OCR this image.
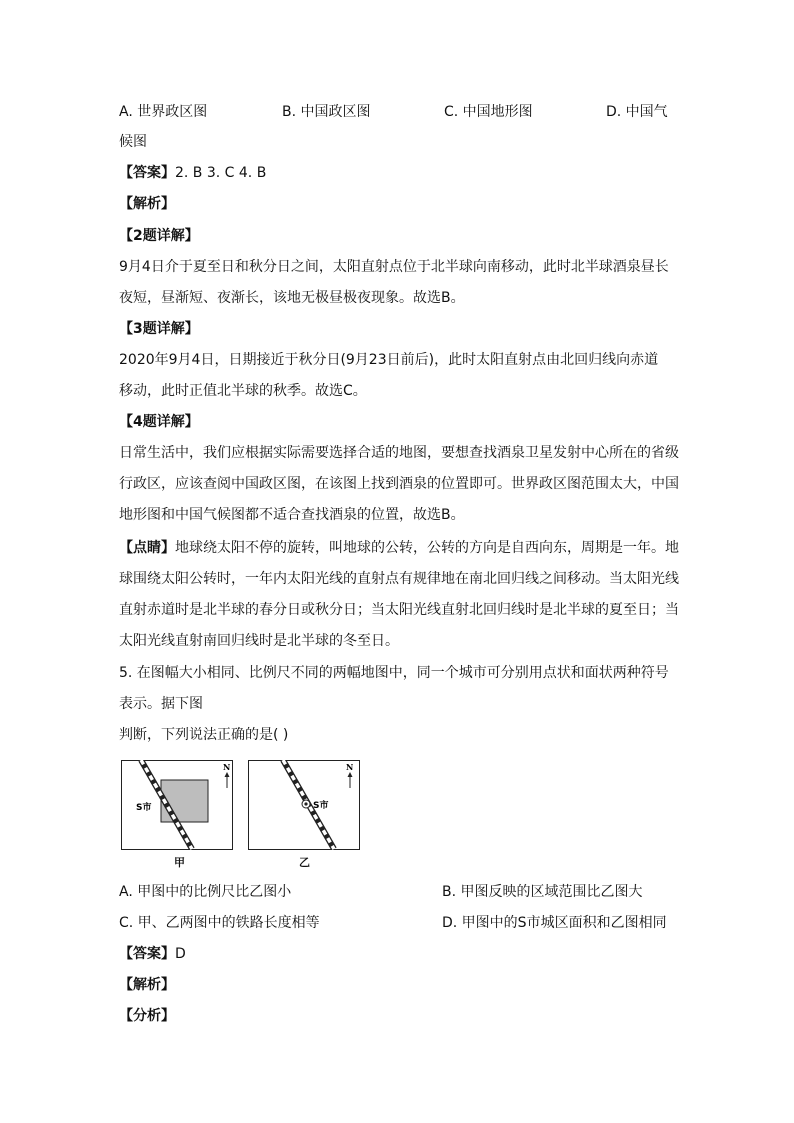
A. 世界政区图	B. 中国政区图	C. 中国地形图	D. 中国气
候图
【答案】2. B 3. C 4. B
【解析】
【2题详解】
9月4日介于夏至日和秋分日之间，太阳直射点位于北半球向南移动，此时北半球酒泉昼长
夜短，昼渐短、夜渐长，该地无极昼极夜现象。故选B。
【3题详解】
2020年9月4日，日期接近于秋分日(9月23日前后)，此时太阳直射点由北回归线向赤道
移动，此时正值北半球的秋季。故选C。
【4题详解】
日常生活中，我们应根据实际需要选择合适的地图，要想查找酒泉卫星发射中心所在的省级
行政区，应该查阅中国政区图，在该图上找到酒泉的位置即可。世界政区图范围太大，中国
地形图和中国气候图都不适合查找酒泉的位置，故选B。
【点睛】地球绕太阳不停的旋转，叫地球的公转，公转的方向是自西向东，周期是一年。地
球围绕太阳公转时，一年内太阳光线的直射点有规律地在南北回归线之间移动。当太阳光线
直射赤道时是北半球的春分日或秋分日；当太阳光线直射北回归线时是北半球的夏至日；当
太阳光线直射南回归线时是北半球的冬至日。
5. 在图幅大小相同、比例尺不同的两幅地图中，同一个城市可分别用点状和面状两种符号
表示。据下图
判断，下列说法正确的是( )
N
S市
甲
N
S市
乙
A. 甲图中的比例尺比乙图小	B. 甲图反映的区域范围比乙图大
C. 甲、乙两图中的铁路长度相等	D. 甲图中的S市城区面积和乙图相同
【答案】D
【解析】
【分析】
